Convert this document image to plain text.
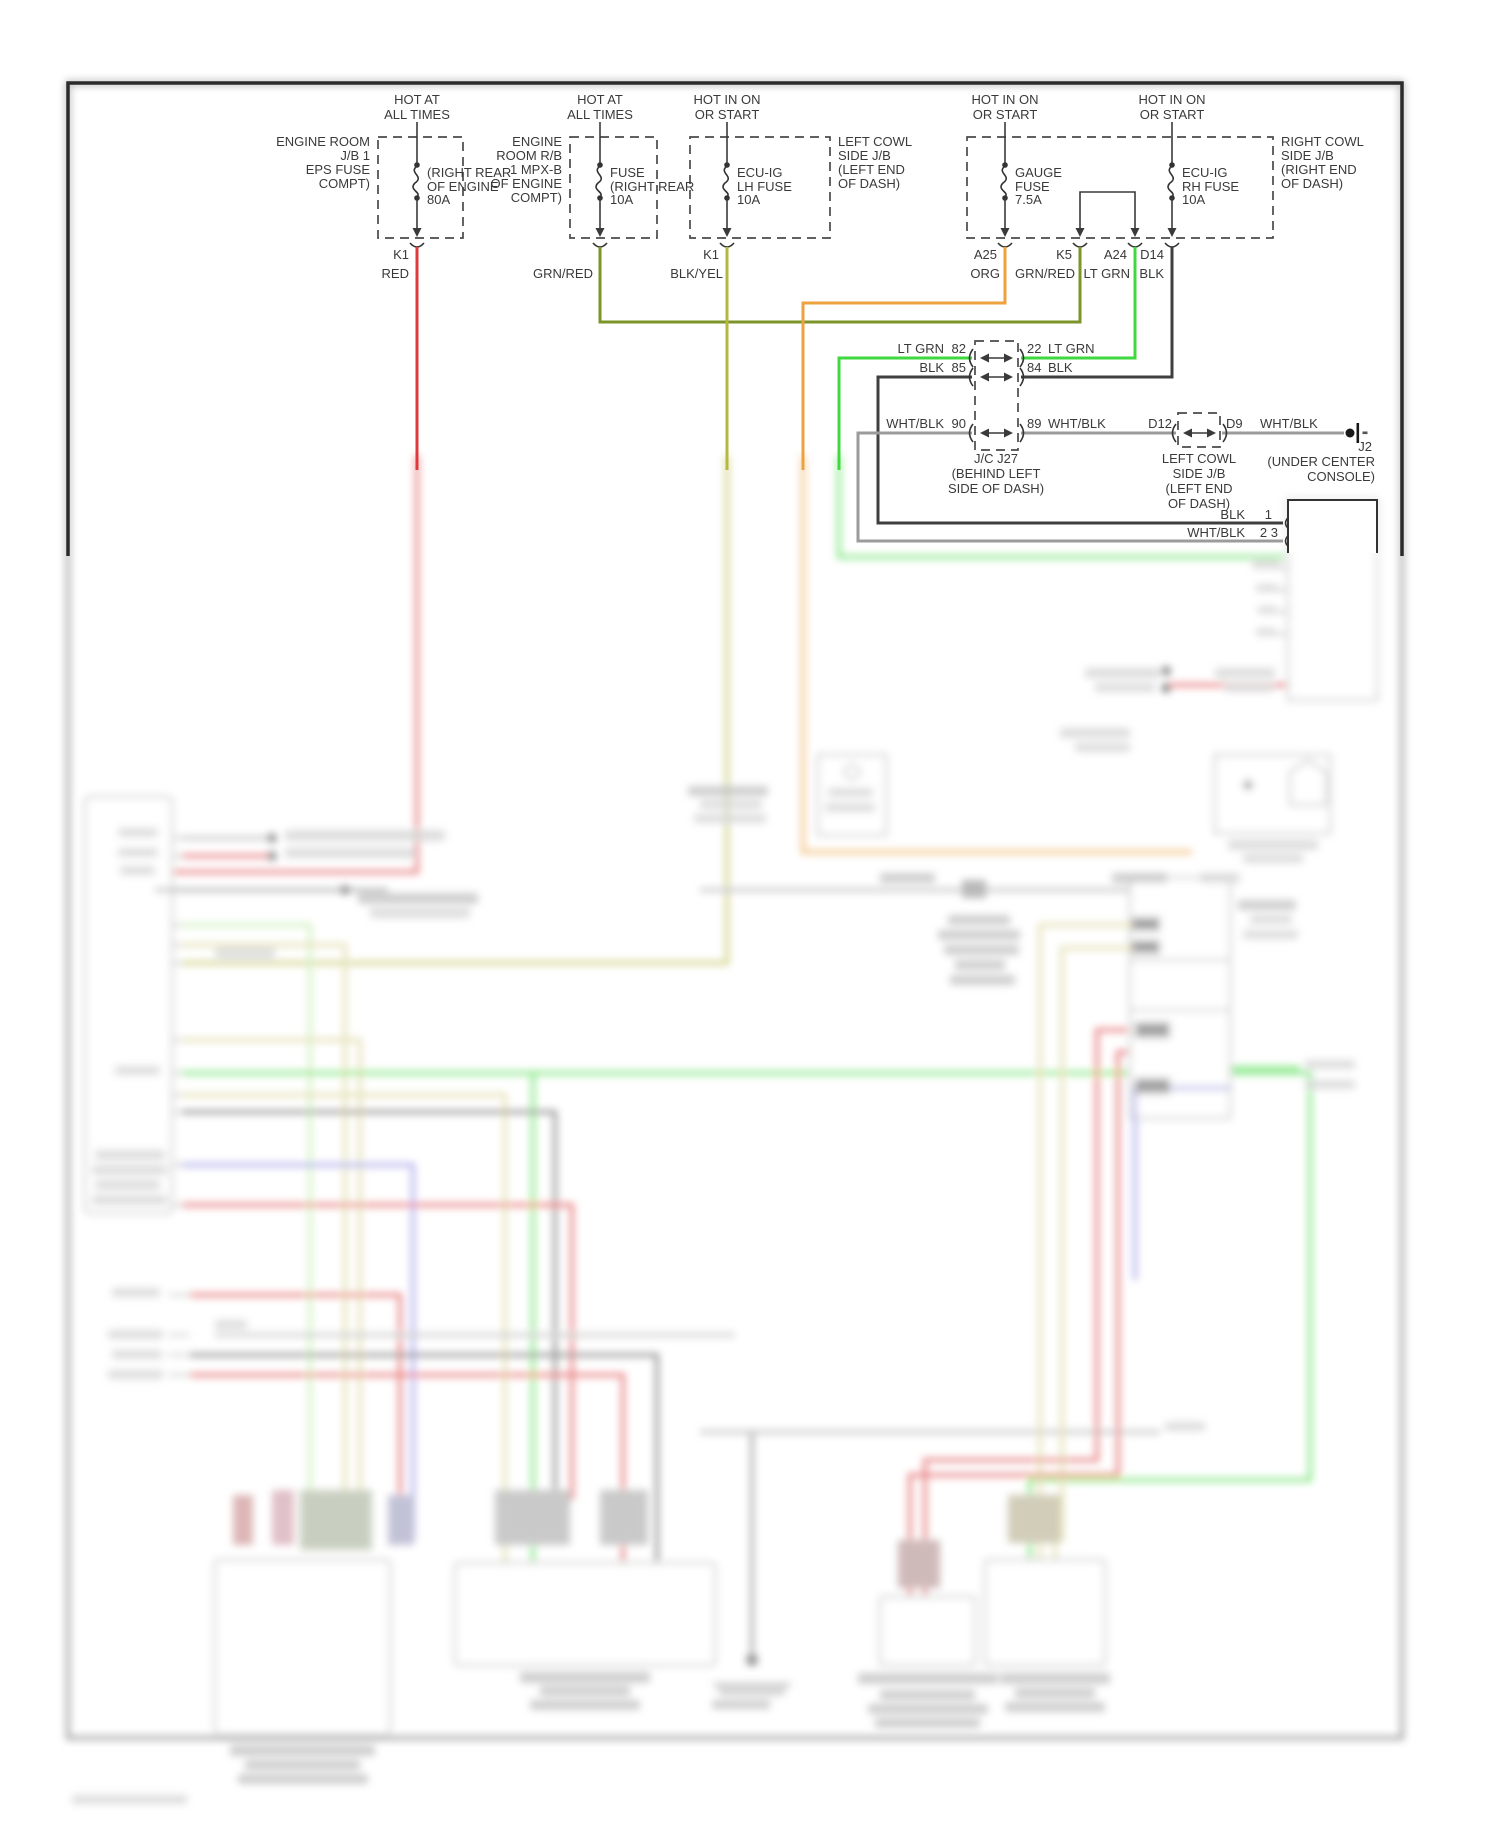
HOT AT ALL TIMES
ENGINE ROOM J/B 1 EPS FUSE COMPT)
(RIGHT REAR OF ENGINE 80A
K1
RED
HOT AT ALL TIMES
ENGINE ROOM R/B 1 MPX-B OF ENGINE COMPT)
FUSE (RIGHT REAR 10A
GRN/RED
HOT IN ON OR START
LEFT COWL SIDE J/B (LEFT END OF DASH)
ECU-IG LH FUSE 10A
K1
BLK/YEL
HOT IN ON OR START
GAUGE FUSE 7.5A
A25
ORG
HOT IN ON OR START
RIGHT COWL SIDE J/B (RIGHT END OF DASH)
ECU-IG RH FUSE 10A
D14
BLK
K5
GRN/RED
A24
LT GRN
LT GRN 82	22 LT GRN
BLK 85	84 BLK
WHT/BLK 90	89 WHT/BLK
J/C J27 (BEHIND LEFT SIDE OF DASH)
D12	D9 WHT/BLK
LEFT COWL SIDE J/B (LEFT END OF DASH)
J2
(UNDER CENTER CONSOLE)
BLK 1
WHT/BLK 2 3
